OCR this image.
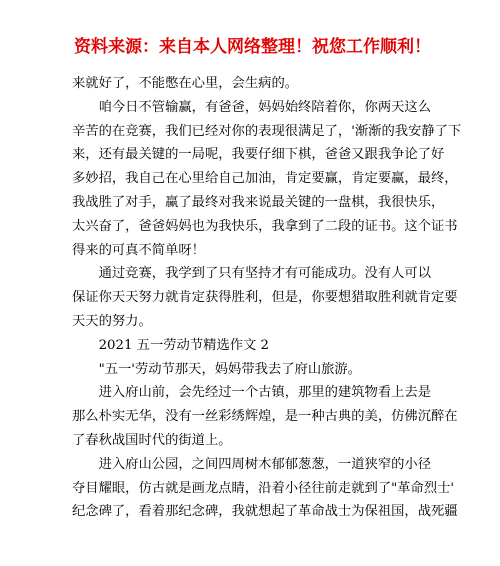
资料来源：来自本人网络整理！祝您工作顺利！

来就好了，不能憋在心里，会生病的。

咱今日不管输赢，有爸爸，妈妈始终陪着你，你两天这么
辛苦的在竞赛，我们已经对你的表现很满足了，'渐渐的我安静了下
来，还有最关键的一局呢，我要仔细下棋，爸爸又跟我争论了好
多妙招，我自己在心里给自己加油，肯定要赢，肯定要赢，最终，
我战胜了对手，赢了最终对我来说最关键的一盘棋，我很快乐，
太兴奋了，爸爸妈妈也为我快乐，我拿到了二段的证书。这个证书
得来的可真不简单呀！

通过竞赛，我学到了只有坚持才有可能成功。没有人可以
保证你天天努力就肯定获得胜利，但是，你要想猎取胜利就肯定要
天天的努力。

2021 五一劳动节精选作文 2

"五一'劳动节那天，妈妈带我去了府山旅游。

进入府山前，会先经过一个古镇，那里的建筑物看上去是
那么朴实无华，没有一丝彩绣辉煌，是一种古典的美，仿佛沉醉在
了春秋战国时代的街道上。

进入府山公园，之间四周树木郁郁葱葱，一道狭窄的小径
夺目耀眼，仿古就是画龙点睛，沿着小径往前走就到了"革命烈士'
纪念碑了，看着那纪念碑，我就想起了革命战士为保祖国，战死疆
